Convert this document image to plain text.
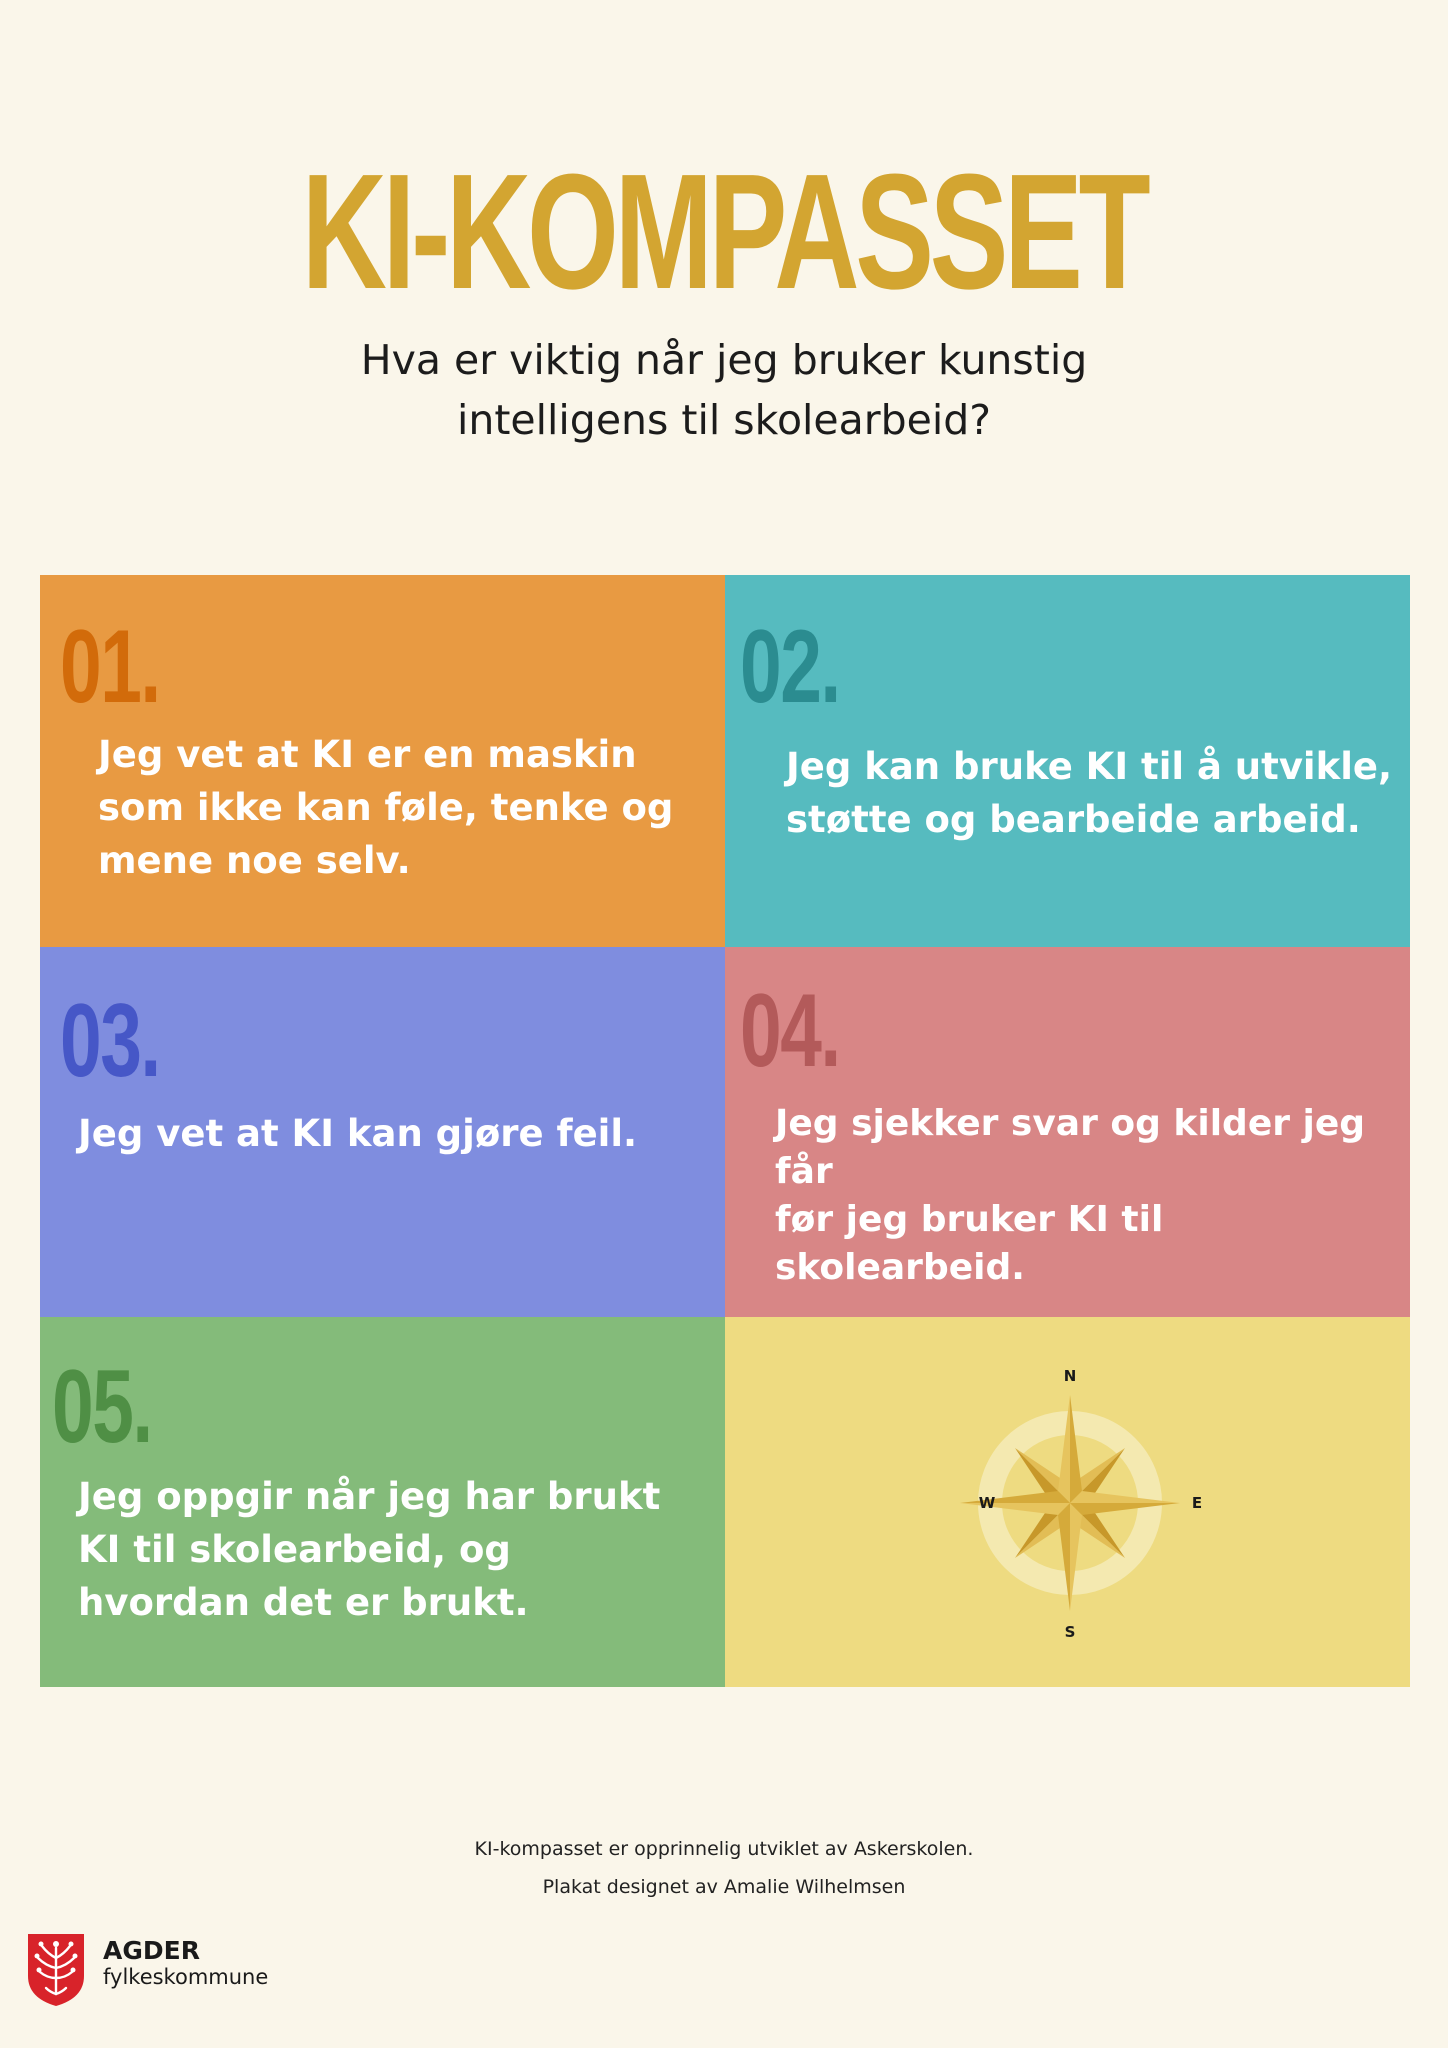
KI-KOMPASSET
Hva er viktig når jeg bruker kunstig
intelligens til skolearbeid?
01.
Jeg vet at KI er en maskin
som ikke kan føle, tenke og
mene noe selv.
02.
Jeg kan bruke KI til å utvikle,
støtte og bearbeide arbeid.
03.
Jeg vet at KI kan gjøre feil.
04.
Jeg sjekker svar og kilder jeg får
før jeg bruker KI til skolearbeid.
05.
Jeg oppgir når jeg har brukt
KI til skolearbeid, og
hvordan det er brukt.
N
S
E
W
KI-kompasset er opprinnelig utviklet av Askerskolen.
Plakat designet av Amalie Wilhelmsen
AGDER
fylkeskommune
